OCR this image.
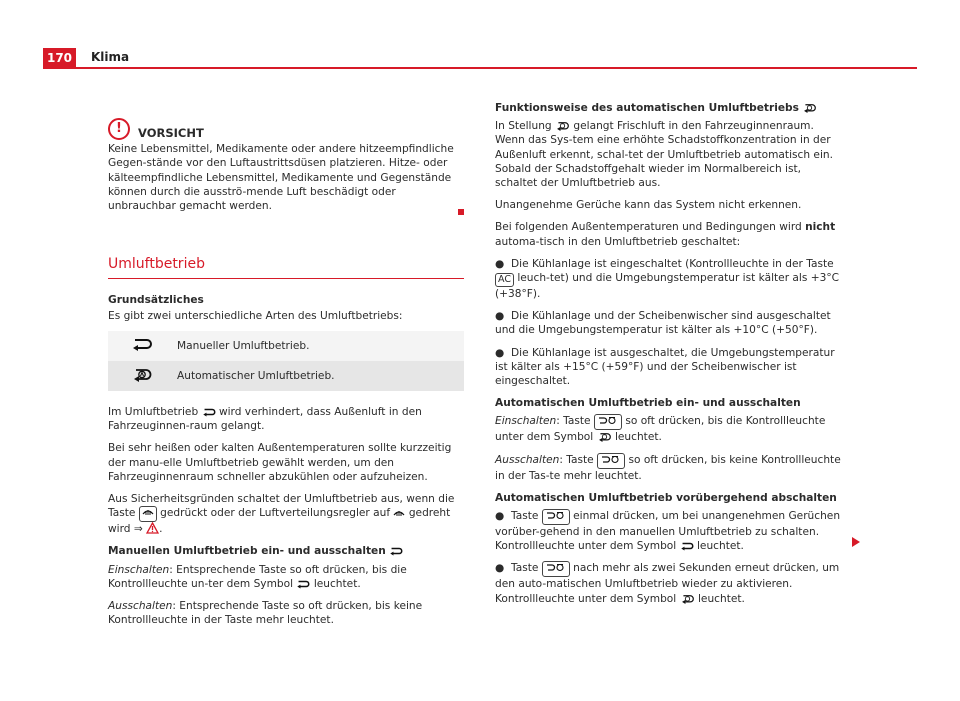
170	Klima
!	VORSICHT

Keine Lebensmittel, Medikamente oder andere hitzeempfindliche Gegen-stände vor den Luftaustrittsdüsen platzieren. Hitze- oder kälteempfindliche Lebensmittel, Medikamente und Gegenstände können durch die ausströ-mende Luft beschädigt oder unbrauchbar gemacht werden.

Umluftbetrieb

Grundsätzliches

Es gibt zwei unterschiedliche Arten des Umluftbetriebs:

	Manueller Umluftbetrieb.
	Automatischer Umluftbetrieb.

Im Umluftbetrieb wird verhindert, dass Außenluft in den Fahrzeuginnen-raum gelangt.

Bei sehr heißen oder kalten Außentemperaturen sollte kurzzeitig der manu-elle Umluftbetrieb gewählt werden, um den Fahrzeuginnenraum schneller abzukühlen oder aufzuheizen.

Aus Sicherheitsgründen schaltet der Umluftbetrieb aus, wenn die Taste gedrückt oder der Luftverteilungsregler auf gedreht wird ⇒ .

Manuellen Umluftbetrieb ein- und ausschalten

Einschalten: Entsprechende Taste so oft drücken, bis die Kontrollleuchte un-ter dem Symbol leuchtet.

Ausschalten: Entsprechende Taste so oft drücken, bis keine Kontrollleuchte in der Taste mehr leuchtet.

Funktionsweise des automatischen Umluftbetriebs

In Stellung gelangt Frischluft in den Fahrzeuginnenraum. Wenn das Sys-tem eine erhöhte Schadstoffkonzentration in der Außenluft erkennt, schal-tet der Umluftbetrieb automatisch ein. Sobald der Schadstoffgehalt wieder im Normalbereich ist, schaltet der Umluftbetrieb aus.

Unangenehme Gerüche kann das System nicht erkennen.

Bei folgenden Außentemperaturen und Bedingungen wird nicht automa-tisch in den Umluftbetrieb geschaltet:

●  Die Kühlanlage ist eingeschaltet (Kontrollleuchte in der Taste AC leuch-tet) und die Umgebungstemperatur ist kälter als +3°C (+38°F).

●  Die Kühlanlage und der Scheibenwischer sind ausgeschaltet und die Umgebungstemperatur ist kälter als +10°C (+50°F).

●  Die Kühlanlage ist ausgeschaltet, die Umgebungstemperatur ist kälter als +15°C (+59°F) und der Scheibenwischer ist eingeschaltet.

Automatischen Umluftbetrieb ein- und ausschalten

Einschalten: Taste	so oft drücken, bis die Kontrollleuchte unter dem Symbol leuchtet.

Ausschalten: Taste	so oft drücken, bis keine Kontrollleuchte in der Tas-te mehr leuchtet.

Automatischen Umluftbetrieb vorübergehend abschalten

●  Taste	einmal drücken, um bei unangenehmen Gerüchen vorüber-gehend in den manuellen Umluftbetrieb zu schalten. Kontrollleuchte unter dem Symbol leuchtet.

●  Taste	nach mehr als zwei Sekunden erneut drücken, um den auto-matischen Umluftbetrieb wieder zu aktivieren. Kontrollleuchte unter dem Symbol leuchtet.
